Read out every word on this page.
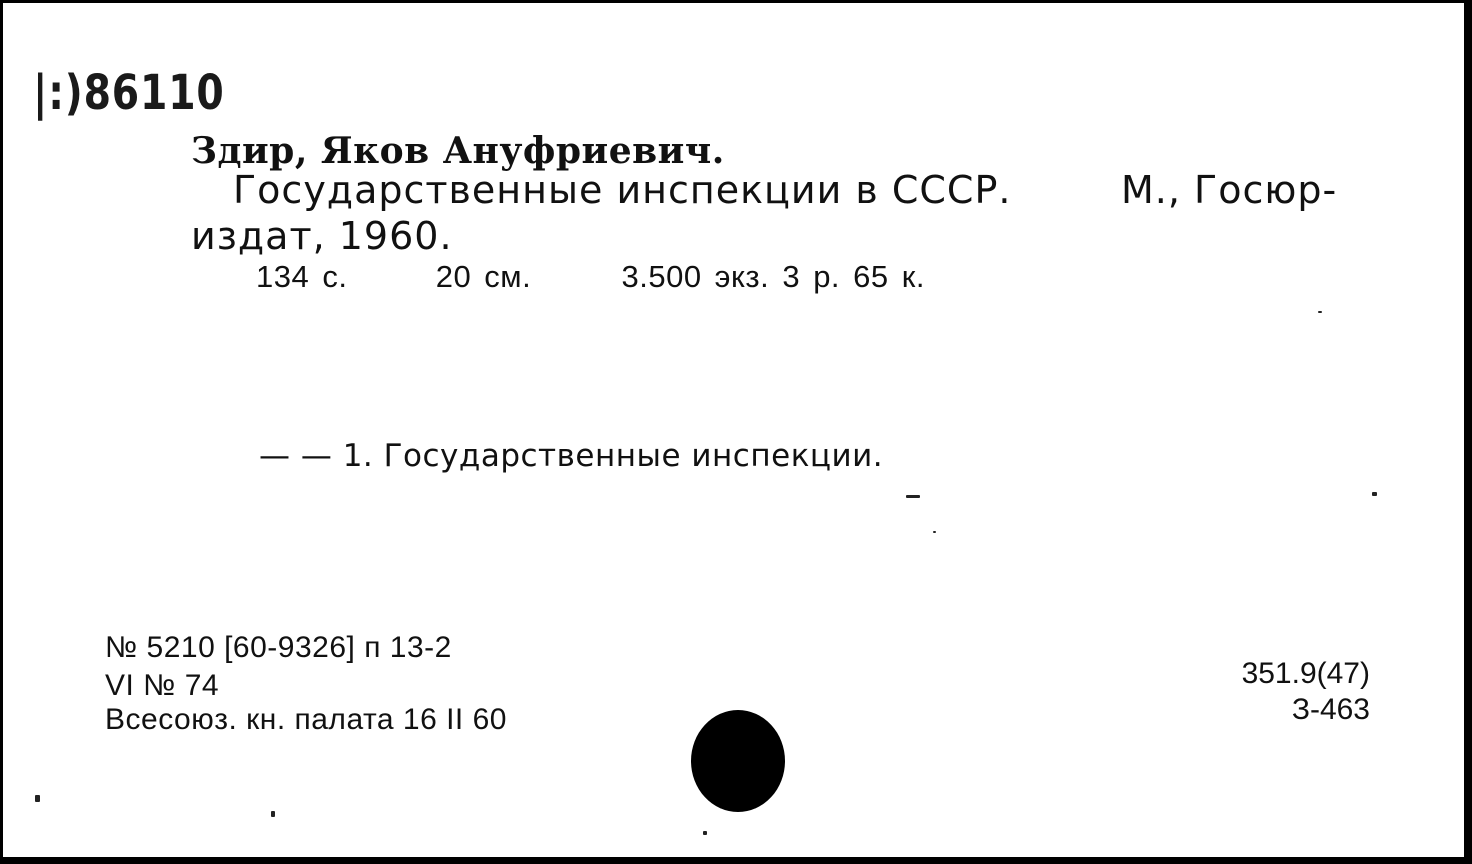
|:)86110
Здир, Яков Ануфриевич.
Государственные инспекции в СССР.	М., Госюр-
издат, 1960.
134 с.	20 см.	3.500 экз. 3 р. 65 к.
— — 1. Государственные инспекции.
№ 5210 [60-9326] п 13-2
VI № 74
Всесоюз. кн. палата 16 II 60
351.9(47)
З-463
